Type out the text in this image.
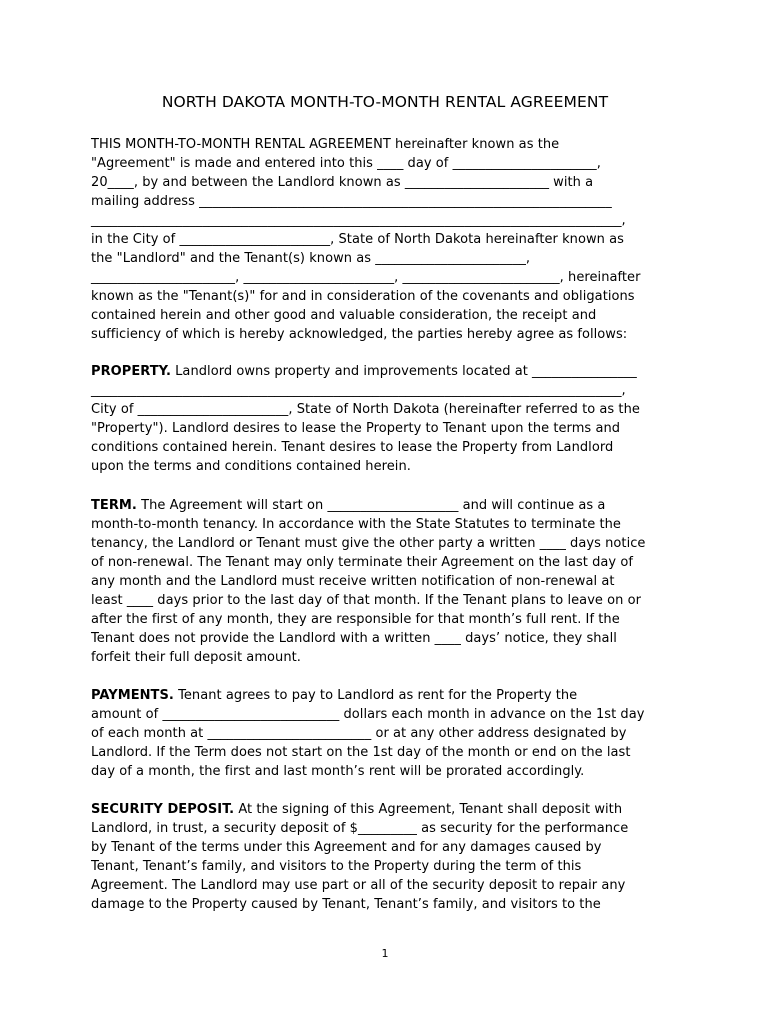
NORTH DAKOTA MONTH-TO-MONTH RENTAL AGREEMENT
THIS MONTH-TO-MONTH RENTAL AGREEMENT hereinafter known as the
"Agreement" is made and entered into this ____ day of ______________________,
20____, by and between the Landlord known as ______________________ with a
mailing address _______________________________________________________________
_________________________________________________________________________________,
in the City of _______________________, State of North Dakota hereinafter known as
the "Landlord" and the Tenant(s) known as _______________________,
______________________, _______________________, ________________________, hereinafter
known as the "Tenant(s)" for and in consideration of the covenants and obligations
contained herein and other good and valuable consideration, the receipt and
sufficiency of which is hereby acknowledged, the parties hereby agree as follows:
PROPERTY. Landlord owns property and improvements located at ________________
_________________________________________________________________________________,
City of _______________________, State of North Dakota (hereinafter referred to as the
"Property"). Landlord desires to lease the Property to Tenant upon the terms and
conditions contained herein. Tenant desires to lease the Property from Landlord
upon the terms and conditions contained herein.
TERM. The Agreement will start on ____________________ and will continue as a
month-to-month tenancy. In accordance with the State Statutes to terminate the
tenancy, the Landlord or Tenant must give the other party a written ____ days notice
of non-renewal. The Tenant may only terminate their Agreement on the last day of
any month and the Landlord must receive written notification of non-renewal at
least ____ days prior to the last day of that month. If the Tenant plans to leave on or
after the first of any month, they are responsible for that month’s full rent. If the
Tenant does not provide the Landlord with a written ____ days’ notice, they shall
forfeit their full deposit amount.
PAYMENTS. Tenant agrees to pay to Landlord as rent for the Property the
amount of ___________________________ dollars each month in advance on the 1st day
of each month at _________________________ or at any other address designated by
Landlord. If the Term does not start on the 1st day of the month or end on the last
day of a month, the first and last month’s rent will be prorated accordingly.
SECURITY DEPOSIT. At the signing of this Agreement, Tenant shall deposit with
Landlord, in trust, a security deposit of $_________ as security for the performance
by Tenant of the terms under this Agreement and for any damages caused by
Tenant, Tenant’s family, and visitors to the Property during the term of this
Agreement. The Landlord may use part or all of the security deposit to repair any
damage to the Property caused by Tenant, Tenant’s family, and visitors to the
1
